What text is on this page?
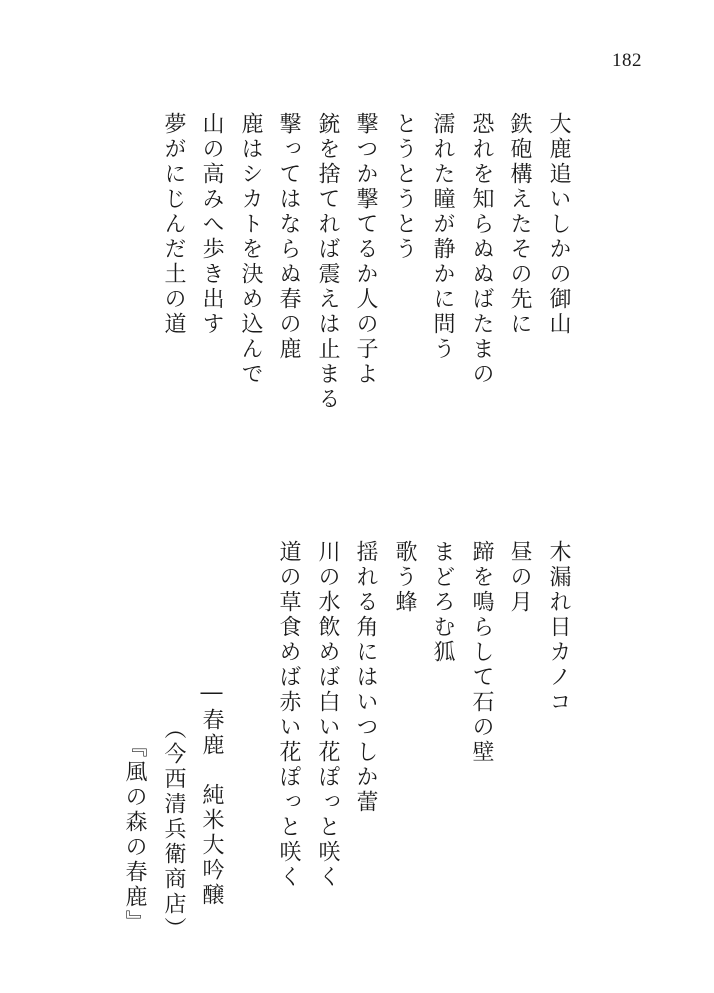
182
大鹿追いしかの御山
鉄砲構えたその先に
恐れを知らぬぬばたまの
濡れた瞳が静かに問う
とうとうとう
撃つか撃てるか人の子よ
銃を捨てれば震えは止まる
撃ってはならぬ春の鹿
鹿はシカトを決め込んで
山の高みへ歩き出す
夢がにじんだ土の道
木漏れ日カノコ
昼の月
蹄を鳴らして石の壁
まどろむ狐
歌う蜂
揺れる角にはいつしか蕾
川の水飲めば白い花ぽっと咲く
道の草食めば赤い花ぽっと咲く
―春鹿　純米大吟醸
（今西清兵衛商店）
『風の森の春鹿』
